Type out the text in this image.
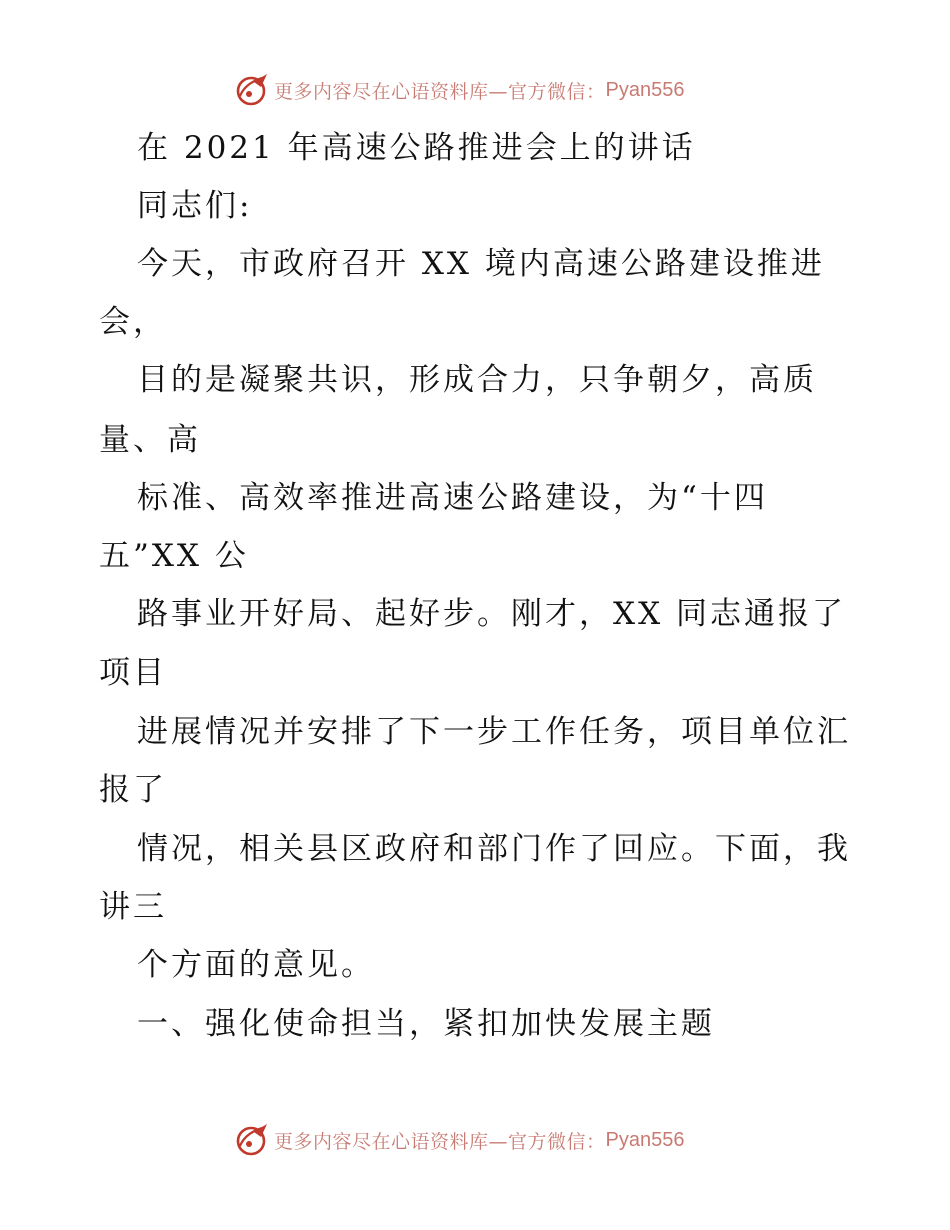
更多内容尽在心语资料库—官方微信： Pyan556
在 2021 年高速公路推进会上的讲话
同志们:
今天，市政府召开 XX 境内高速公路建设推进
会，
目的是凝聚共识，形成合力，只争朝夕，高质
量、高
标准、高效率推进高速公路建设，为“十四
五”XX 公
路事业开好局、起好步。刚才，XX 同志通报了
项目
进展情况并安排了下一步工作任务，项目单位汇
报了
情况，相关县区政府和部门作了回应。下面，我
讲三
个方面的意见。
一、强化使命担当，紧扣加快发展主题
更多内容尽在心语资料库—官方微信： Pyan556
